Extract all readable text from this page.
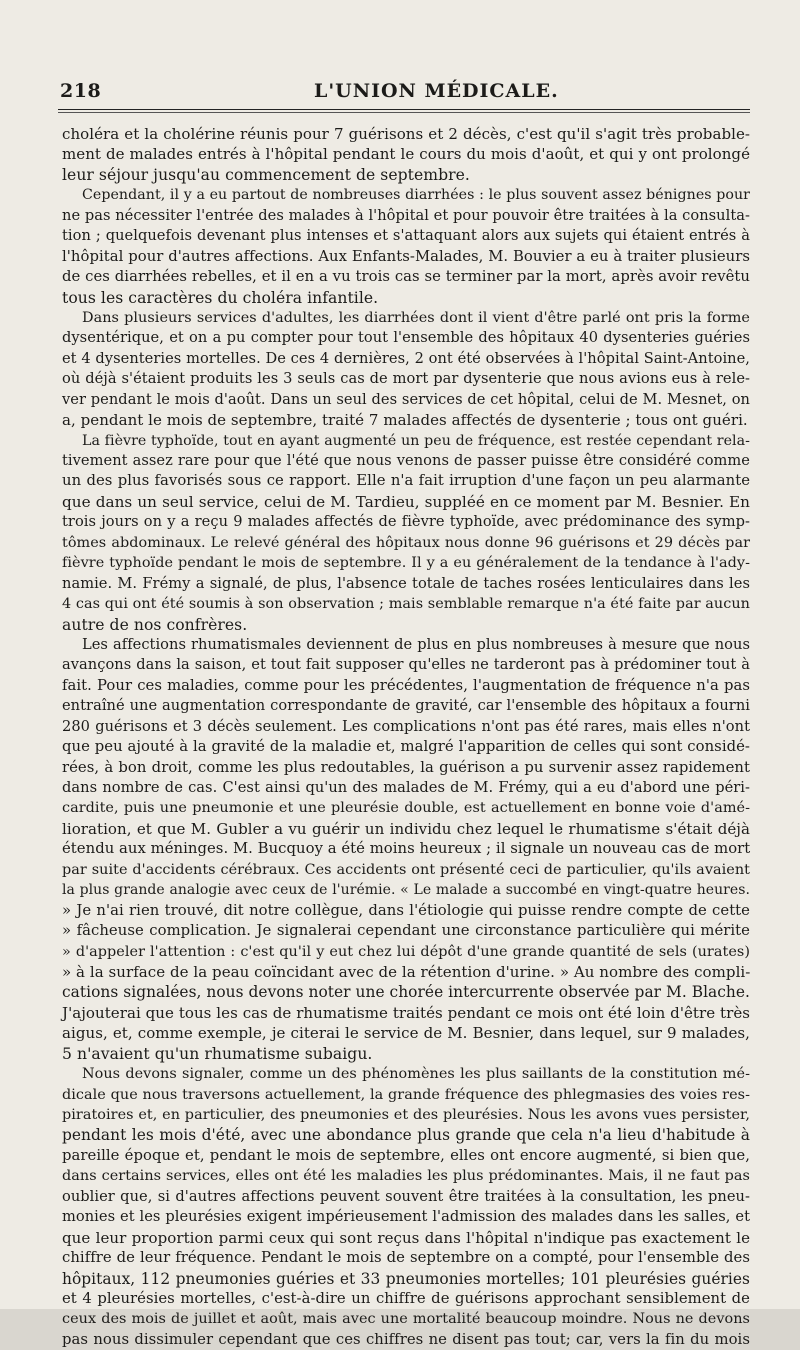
218	L'UNION MÉDICALE.
choléra et la cholérine réunis pour 7 guérisons et 2 décès, c'est qu'il s'agit très probable-
ment de malades entrés à l'hôpital pendant le cours du mois d'août, et qui y ont prolongé
leur séjour jusqu'au commencement de septembre.
Cependant, il y a eu partout de nombreuses diarrhées : le plus souvent assez bénignes pour
ne pas nécessiter l'entrée des malades à l'hôpital et pour pouvoir être traitées à la consulta-
tion ; quelquefois devenant plus intenses et s'attaquant alors aux sujets qui étaient entrés à
l'hôpital pour d'autres affections. Aux Enfants-Malades, M. Bouvier a eu à traiter plusieurs
de ces diarrhées rebelles, et il en a vu trois cas se terminer par la mort, après avoir revêtu
tous les caractères du choléra infantile.
Dans plusieurs services d'adultes, les diarrhées dont il vient d'être parlé ont pris la forme
dysentérique, et on a pu compter pour tout l'ensemble des hôpitaux 40 dysenteries guéries
et 4 dysenteries mortelles. De ces 4 dernières, 2 ont été observées à l'hôpital Saint-Antoine,
où déjà s'étaient produits les 3 seuls cas de mort par dysenterie que nous avions eus à rele-
ver pendant le mois d'août. Dans un seul des services de cet hôpital, celui de M. Mesnet, on
a, pendant le mois de septembre, traité 7 malades affectés de dysenterie ; tous ont guéri.
La fièvre typhoïde, tout en ayant augmenté un peu de fréquence, est restée cependant rela-
tivement assez rare pour que l'été que nous venons de passer puisse être considéré comme
un des plus favorisés sous ce rapport. Elle n'a fait irruption d'une façon un peu alarmante
que dans un seul service, celui de M. Tardieu, suppléé en ce moment par M. Besnier. En
trois jours on y a reçu 9 malades affectés de fièvre typhoïde, avec prédominance des symp-
tômes abdominaux. Le relevé général des hôpitaux nous donne 96 guérisons et 29 décès par
fièvre typhoïde pendant le mois de septembre. Il y a eu généralement de la tendance à l'ady-
namie. M. Frémy a signalé, de plus, l'absence totale de taches rosées lenticulaires dans les
4 cas qui ont été soumis à son observation ; mais semblable remarque n'a été faite par aucun
autre de nos confrères.
Les affections rhumatismales deviennent de plus en plus nombreuses à mesure que nous
avançons dans la saison, et tout fait supposer qu'elles ne tarderont pas à prédominer tout à
fait. Pour ces maladies, comme pour les précédentes, l'augmentation de fréquence n'a pas
entraîné une augmentation correspondante de gravité, car l'ensemble des hôpitaux a fourni
280 guérisons et 3 décès seulement. Les complications n'ont pas été rares, mais elles n'ont
que peu ajouté à la gravité de la maladie et, malgré l'apparition de celles qui sont considé-
rées, à bon droit, comme les plus redoutables, la guérison a pu survenir assez rapidement
dans nombre de cas. C'est ainsi qu'un des malades de M. Frémy, qui a eu d'abord une péri-
cardite, puis une pneumonie et une pleurésie double, est actuellement en bonne voie d'amé-
lioration, et que M. Gubler a vu guérir un individu chez lequel le rhumatisme s'était déjà
étendu aux méninges. M. Bucquoy a été moins heureux ; il signale un nouveau cas de mort
par suite d'accidents cérébraux. Ces accidents ont présenté ceci de particulier, qu'ils avaient
la plus grande analogie avec ceux de l'urémie. « Le malade a succombé en vingt-quatre heures.
» Je n'ai rien trouvé, dit notre collègue, dans l'étiologie qui puisse rendre compte de cette
» fâcheuse complication. Je signalerai cependant une circonstance particulière qui mérite
» d'appeler l'attention : c'est qu'il y eut chez lui dépôt d'une grande quantité de sels (urates)
» à la surface de la peau coïncidant avec de la rétention d'urine. » Au nombre des compli-
cations signalées, nous devons noter une chorée intercurrente observée par M. Blache.
J'ajouterai que tous les cas de rhumatisme traités pendant ce mois ont été loin d'être très
aigus, et, comme exemple, je citerai le service de M. Besnier, dans lequel, sur 9 malades,
5 n'avaient qu'un rhumatisme subaigu.
Nous devons signaler, comme un des phénomènes les plus saillants de la constitution mé-
dicale que nous traversons actuellement, la grande fréquence des phlegmasies des voies res-
piratoires et, en particulier, des pneumonies et des pleurésies. Nous les avons vues persister,
pendant les mois d'été, avec une abondance plus grande que cela n'a lieu d'habitude à
pareille époque et, pendant le mois de septembre, elles ont encore augmenté, si bien que,
dans certains services, elles ont été les maladies les plus prédominantes. Mais, il ne faut pas
oublier que, si d'autres affections peuvent souvent être traitées à la consultation, les pneu-
monies et les pleurésies exigent impérieusement l'admission des malades dans les salles, et
que leur proportion parmi ceux qui sont reçus dans l'hôpital n'indique pas exactement le
chiffre de leur fréquence. Pendant le mois de septembre on a compté, pour l'ensemble des
hôpitaux, 112 pneumonies guéries et 33 pneumonies mortelles; 101 pleurésies guéries
et 4 pleurésies mortelles, c'est-à-dire un chiffre de guérisons approchant sensiblement de
ceux des mois de juillet et août, mais avec une mortalité beaucoup moindre. Nous ne devons
pas nous dissimuler cependant que ces chiffres ne disent pas tout; car, vers la fin du mois
